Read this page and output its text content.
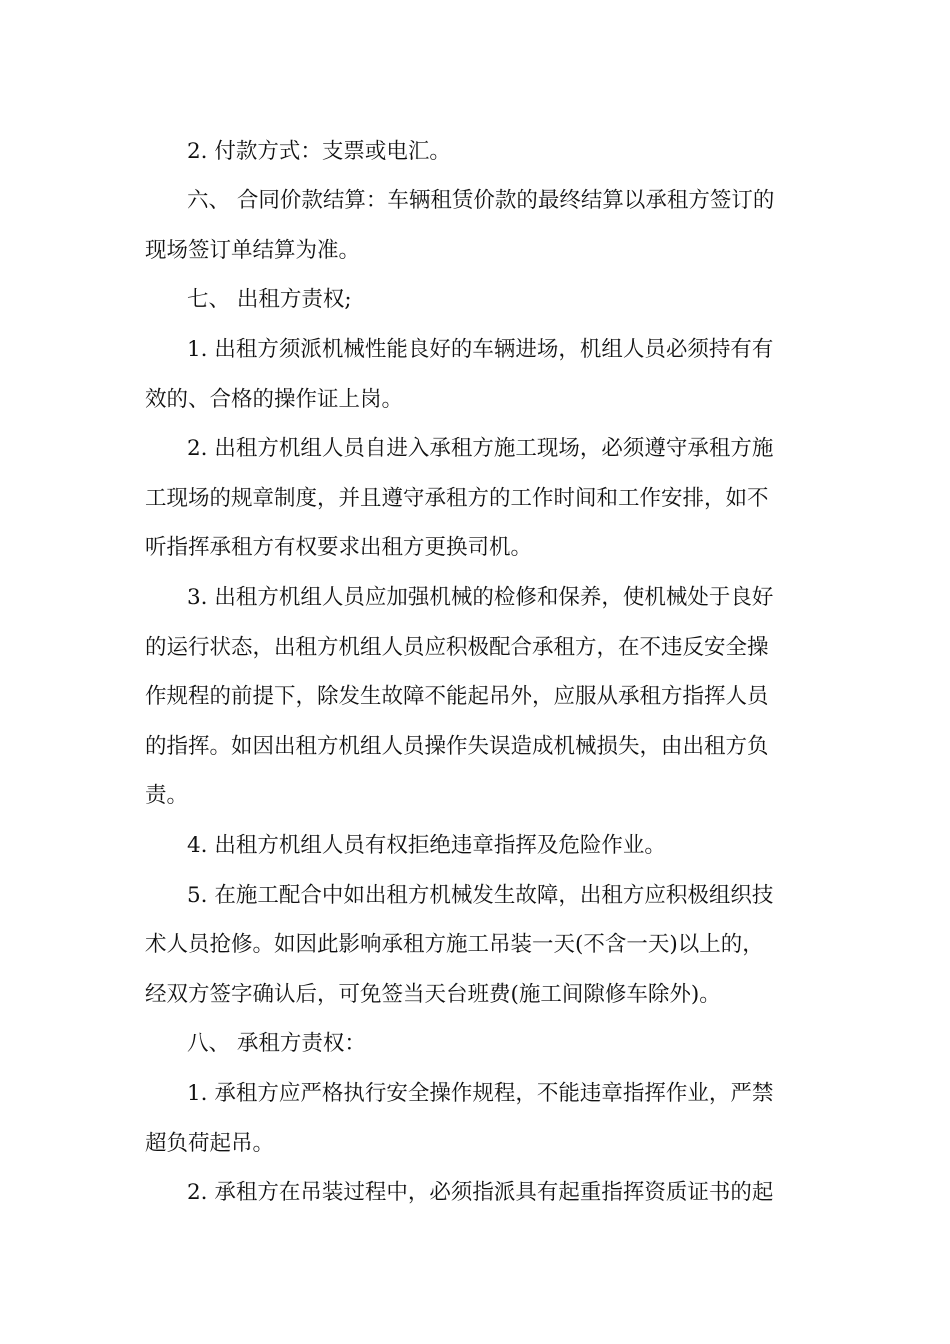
2. 付款方式：支票或电汇。
六、 合同价款结算：车辆租赁价款的最终结算以承租方签订的
现场签订单结算为准。
七、 出租方责权;
1. 出租方须派机械性能良好的车辆进场，机组人员必须持有有
效的、合格的操作证上岗。
2. 出租方机组人员自进入承租方施工现场，必须遵守承租方施
工现场的规章制度，并且遵守承租方的工作时间和工作安排，如不
听指挥承租方有权要求出租方更换司机。
3. 出租方机组人员应加强机械的检修和保养，使机械处于良好
的运行状态，出租方机组人员应积极配合承租方，在不违反安全操
作规程的前提下，除发生故障不能起吊外，应服从承租方指挥人员
的指挥。如因出租方机组人员操作失误造成机械损失，由出租方负
责。
4. 出租方机组人员有权拒绝违章指挥及危险作业。
5. 在施工配合中如出租方机械发生故障，出租方应积极组织技
术人员抢修。如因此影响承租方施工吊装一天(不含一天)以上的，
经双方签字确认后，可免签当天台班费(施工间隙修车除外)。
八、 承租方责权：
1. 承租方应严格执行安全操作规程，不能违章指挥作业，严禁
超负荷起吊。
2. 承租方在吊装过程中，必须指派具有起重指挥资质证书的起
